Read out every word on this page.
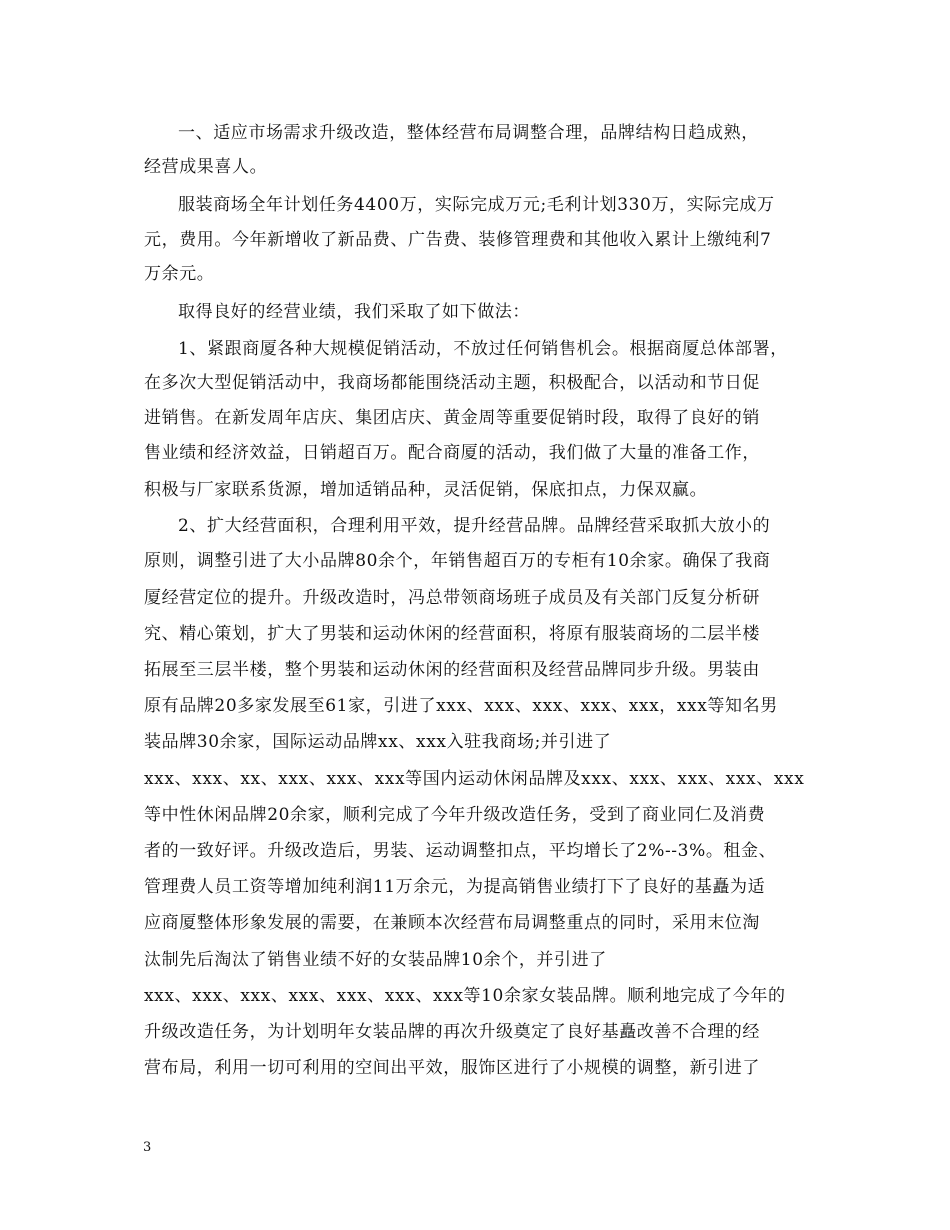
一、适应市场需求升级改造，整体经营布局调整合理，品牌结构日趋成熟，
经营成果喜人。
服装商场全年计划任务4400万，实际完成万元;毛利计划330万，实际完成万
元，费用。今年新增收了新品费、广告费、装修管理费和其他收入累计上缴纯利7
万余元。
取得良好的经营业绩，我们采取了如下做法：
1、紧跟商厦各种大规模促销活动，不放过任何销售机会。根据商厦总体部署，
在多次大型促销活动中，我商场都能围绕活动主题，积极配合，以活动和节日促
进销售。在新发周年店庆、集团店庆、黄金周等重要促销时段，取得了良好的销
售业绩和经济效益，日销超百万。配合商厦的活动，我们做了大量的准备工作，
积极与厂家联系货源，增加适销品种，灵活促销，保底扣点，力保双赢。
2、扩大经营面积，合理利用平效，提升经营品牌。品牌经营采取抓大放小的
原则，调整引进了大小品牌80余个，年销售超百万的专柜有10余家。确保了我商
厦经营定位的提升。升级改造时，冯总带领商场班子成员及有关部门反复分析研
究、精心策划，扩大了男装和运动休闲的经营面积，将原有服装商场的二层半楼
拓展至三层半楼，整个男装和运动休闲的经营面积及经营品牌同步升级。男装由
原有品牌20多家发展至61家，引进了xxx、xxx、xxx、xxx、xxx，xxx等知名男
装品牌30余家，国际运动品牌xx、xxx入驻我商场;并引进了
xxx、xxx、xx、xxx、xxx、xxx等国内运动休闲品牌及xxx、xxx、xxx、xxx、xxx
等中性休闲品牌20余家，顺利完成了今年升级改造任务，受到了商业同仁及消费
者的一致好评。升级改造后，男装、运动调整扣点，平均增长了2%--3%。租金、
管理费人员工资等增加纯利润11万余元，为提高销售业绩打下了良好的基矗为适
应商厦整体形象发展的需要，在兼顾本次经营布局调整重点的同时，采用末位淘
汰制先后淘汰了销售业绩不好的女装品牌10余个，并引进了
xxx、xxx、xxx、xxx、xxx、xxx、xxx等10余家女装品牌。顺利地完成了今年的
升级改造任务，为计划明年女装品牌的再次升级奠定了良好基矗改善不合理的经
营布局，利用一切可利用的空间出平效，服饰区进行了小规模的调整，新引进了
3
